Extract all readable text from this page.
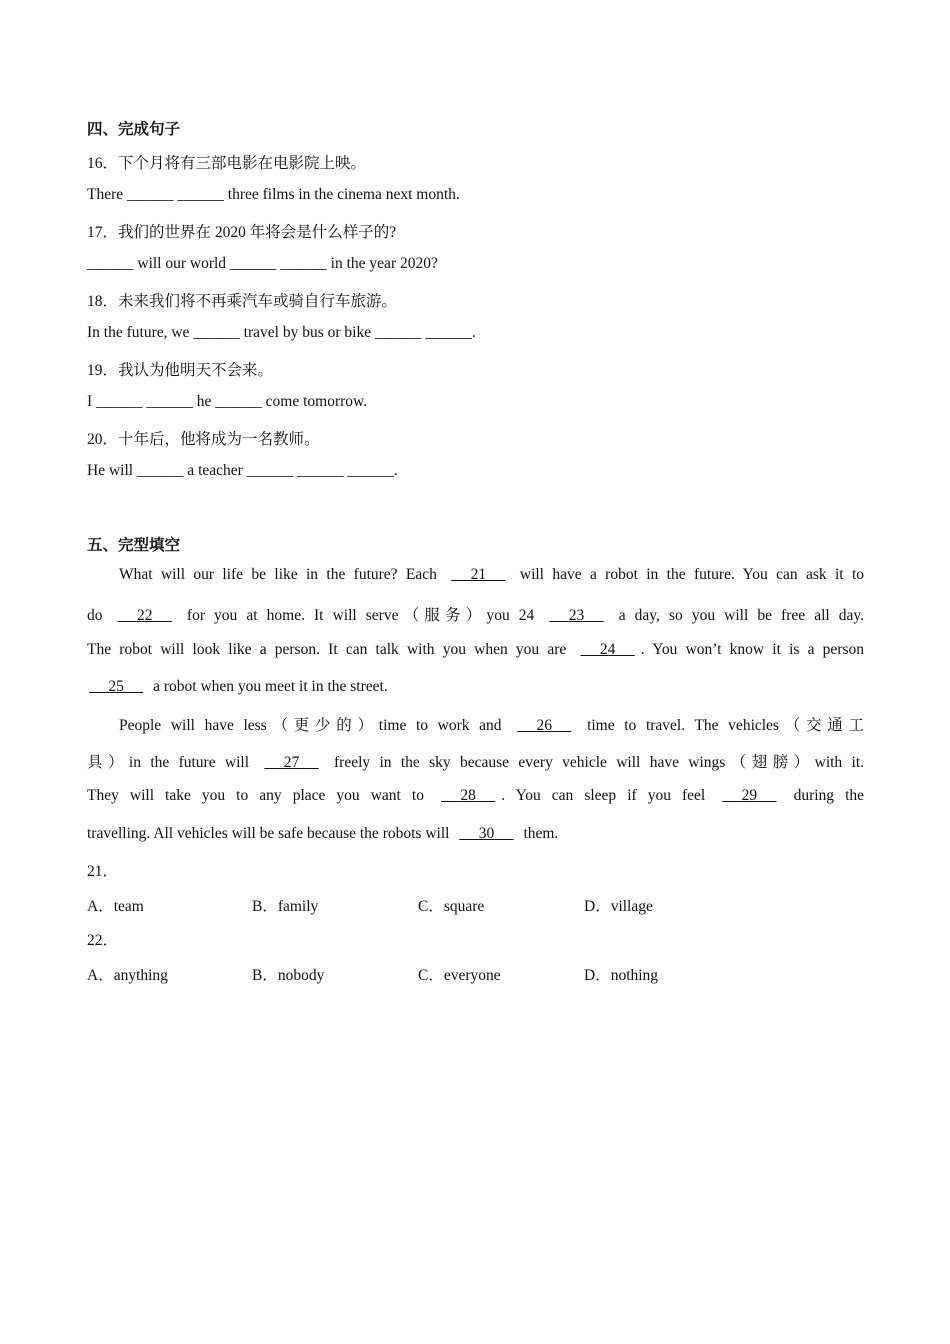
四、完成句子
16．下个月将有三部电影在电影院上映。
There ______ ______ three films in the cinema next month.
17．我们的世界在 2020 年将会是什么样子的?
______ will our world ______ ______ in the year 2020?
18．未来我们将不再乘汽车或骑自行车旅游。
In the future, we ______ travel by bus or bike ______ ______.
19．我认为他明天不会来。
I ______ ______ he ______ come tomorrow.
20．十年后，他将成为一名教师。
He will ______ a teacher ______ ______ ______.
五、完型填空
What will our life be like in the future? Each 21 will have a robot in the future. You can ask it to
do 22 for you at home. It will serve（服务）you 24 23 a day, so you will be free all day.
The robot will look like a person. It can talk with you when you are 24 . You won’t know it is a person
25 a robot when you meet it in the street.
People will have less（更少的）time to work and 26 time to travel. The vehicles（交通工
具）in the future will 27 freely in the sky because every vehicle will have wings（翅膀）with it.
They will take you to any place you want to 28 . You can sleep if you feel 29 during the
travelling. All vehicles will be safe because the robots will 30 them.
21．
A．team	B．family	C．square	D．village
22．
A．anything	B．nobody	C．everyone	D．nothing
